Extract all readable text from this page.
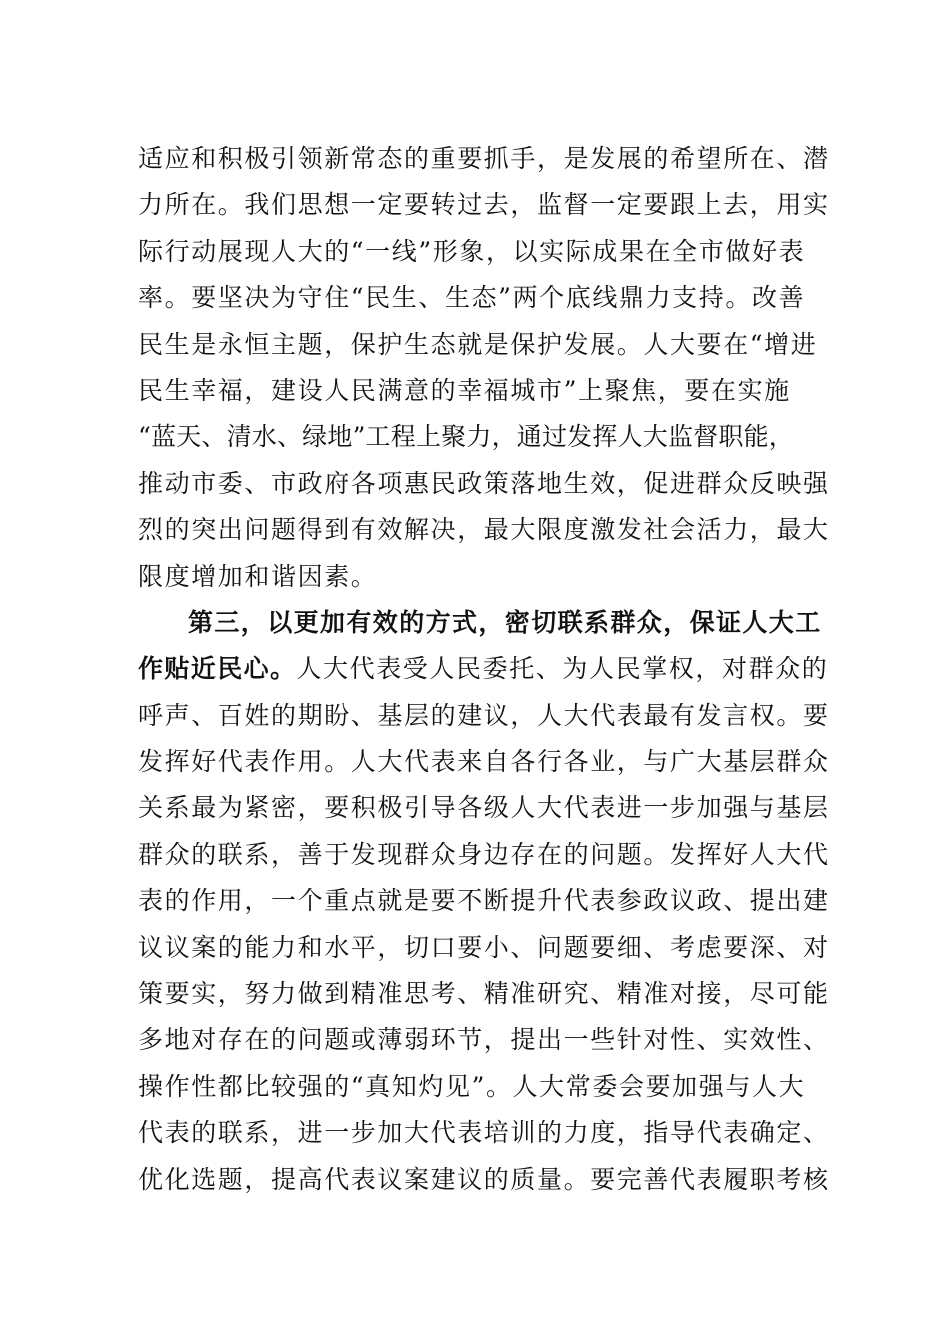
适应和积极引领新常态的重要抓手，是发展的希望所在、潜
力所在。我们思想一定要转过去，监督一定要跟上去，用实
际行动展现人大的“一线”形象，以实际成果在全市做好表
率。要坚决为守住“民生、生态”两个底线鼎力支持。改善
民生是永恒主题，保护生态就是保护发展。人大要在“增进
民生幸福，建设人民满意的幸福城市”上聚焦，要在实施
“蓝天、清水、绿地”工程上聚力，通过发挥人大监督职能，
推动市委、市政府各项惠民政策落地生效，促进群众反映强
烈的突出问题得到有效解决，最大限度激发社会活力，最大
限度增加和谐因素。
第三，以更加有效的方式，密切联系群众，保证人大工
作贴近民心。人大代表受人民委托、为人民掌权，对群众的
呼声、百姓的期盼、基层的建议，人大代表最有发言权。要
发挥好代表作用。人大代表来自各行各业，与广大基层群众
关系最为紧密，要积极引导各级人大代表进一步加强与基层
群众的联系，善于发现群众身边存在的问题。发挥好人大代
表的作用，一个重点就是要不断提升代表参政议政、提出建
议议案的能力和水平，切口要小、问题要细、考虑要深、对
策要实，努力做到精准思考、精准研究、精准对接，尽可能
多地对存在的问题或薄弱环节，提出一些针对性、实效性、
操作性都比较强的“真知灼见”。人大常委会要加强与人大
代表的联系，进一步加大代表培训的力度，指导代表确定、
优化选题，提高代表议案建议的质量。要完善代表履职考核
